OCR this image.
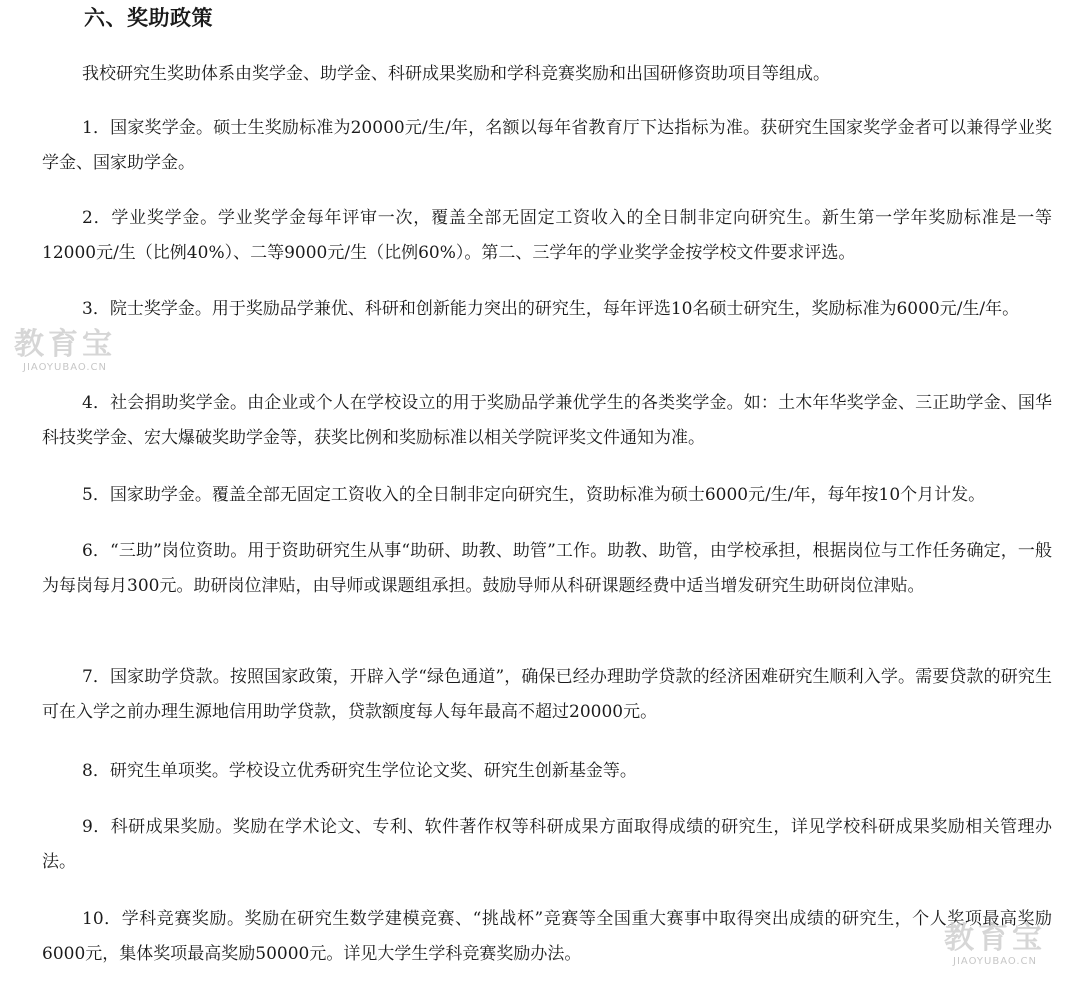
六、奖助政策

我校研究生奖助体系由奖学金、助学金、科研成果奖励和学科竞赛奖励和出国研修资助项目等组成。

1．国家奖学金。硕士生奖励标准为20000元/生/年，名额以每年省教育厅下达指标为准。获研究生国家奖学金者可以兼得学业奖学金、国家助学金。

2．学业奖学金。学业奖学金每年评审一次，覆盖全部无固定工资收入的全日制非定向研究生。新生第一学年奖励标准是一等12000元/生（比例40%）、二等9000元/生（比例60%）。第二、三学年的学业奖学金按学校文件要求评选。

3．院士奖学金。用于奖励品学兼优、科研和创新能力突出的研究生，每年评选10名硕士研究生，奖励标准为6000元/生/年。

4．社会捐助奖学金。由企业或个人在学校设立的用于奖励品学兼优学生的各类奖学金。如：土木年华奖学金、三正助学金、国华科技奖学金、宏大爆破奖助学金等，获奖比例和奖励标准以相关学院评奖文件通知为准。

5．国家助学金。覆盖全部无固定工资收入的全日制非定向研究生，资助标准为硕士6000元/生/年，每年按10个月计发。

6．“三助”岗位资助。用于资助研究生从事“助研、助教、助管”工作。助教、助管，由学校承担，根据岗位与工作任务确定，一般为每岗每月300元。助研岗位津贴，由导师或课题组承担。鼓励导师从科研课题经费中适当增发研究生助研岗位津贴。

7．国家助学贷款。按照国家政策，开辟入学“绿色通道”，确保已经办理助学贷款的经济困难研究生顺利入学。需要贷款的研究生可在入学之前办理生源地信用助学贷款，贷款额度每人每年最高不超过20000元。

8．研究生单项奖。学校设立优秀研究生学位论文奖、研究生创新基金等。

9．科研成果奖励。奖励在学术论文、专利、软件著作权等科研成果方面取得成绩的研究生，详见学校科研成果奖励相关管理办法。

10．学科竞赛奖励。奖励在研究生数学建模竞赛、“挑战杯”竞赛等全国重大赛事中取得突出成绩的研究生，个人奖项最高奖励6000元，集体奖项最高奖励50000元。详见大学生学科竞赛奖励办法。

教育宝
JIAOYUBAO.CN
教育宝
JIAOYUBAO.CN
